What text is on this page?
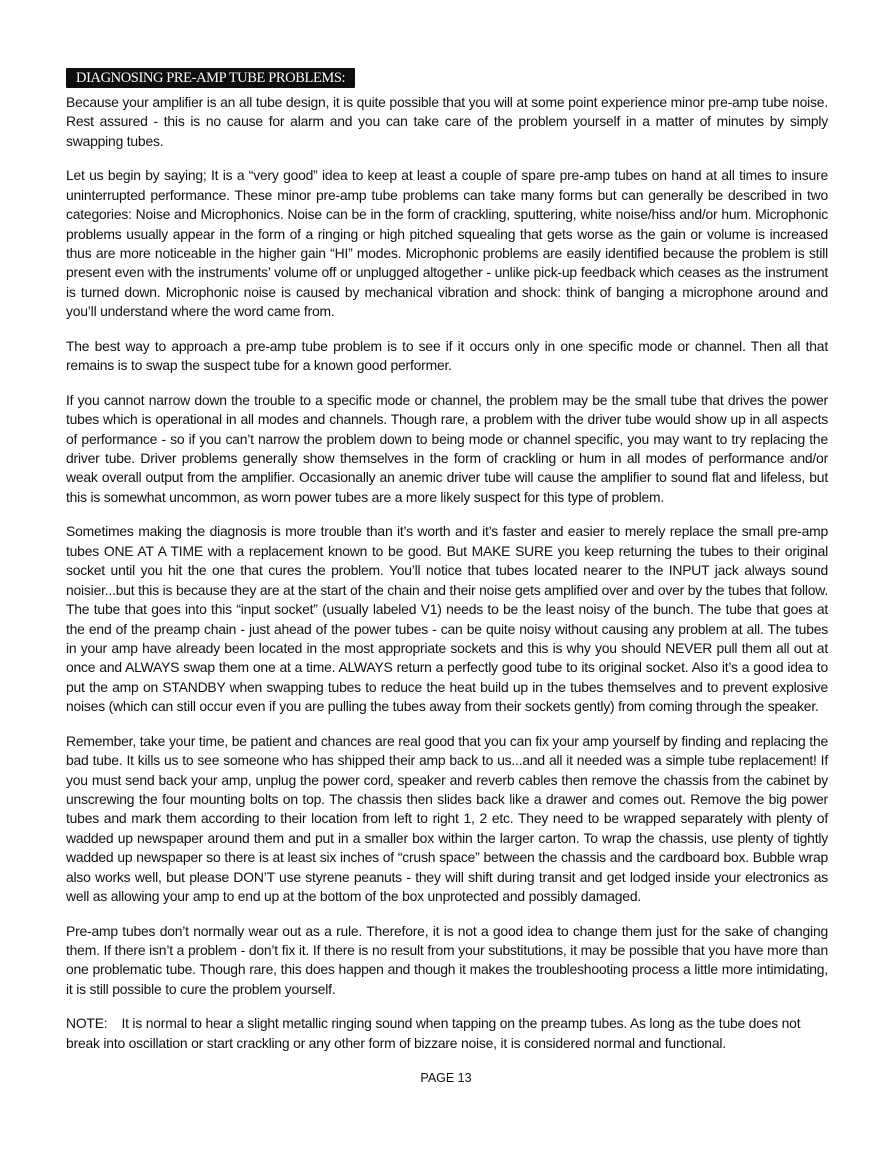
DIAGNOSING PRE-AMP TUBE PROBLEMS:

Because your amplifier is an all tube design, it is quite possible that you will at some point experience minor pre-amp tube noise. Rest assured - this is no cause for alarm and you can take care of the problem yourself in a matter of minutes by simply swapping tubes.

Let us begin by saying; It is a “very good” idea to keep at least a couple of spare pre-amp tubes on hand at all times to insure uninterrupted performance. These minor pre-amp tube problems can take many forms but can generally be described in two categories: Noise and Microphonics. Noise can be in the form of crackling, sputtering, white noise/hiss and/or hum. Microphonic problems usually appear in the form of a ringing or high pitched squealing that gets worse as the gain or volume is increased thus are more noticeable in the higher gain “HI” modes. Microphonic problems are easily identified because the problem is still present even with the instruments’ volume off or unplugged altogether - unlike pick-up feedback which ceases as the instrument is turned down. Microphonic noise is caused by mechanical vibration and shock: think of banging a microphone around and you’ll understand where the word came from.

The best way to approach a pre-amp tube problem is to see if it occurs only in one specific mode or channel. Then all that remains is to swap the suspect tube for a known good performer.

If you cannot narrow down the trouble to a specific mode or channel, the problem may be the small tube that drives the power tubes which is operational in all modes and channels. Though rare, a problem with the driver tube would show up in all aspects of performance - so if you can’t narrow the problem down to being mode or channel specific, you may want to try replacing the driver tube. Driver problems generally show themselves in the form of crackling or hum in all modes of performance and/or weak overall output from the amplifier. Occasionally an anemic driver tube will cause the amplifier to sound flat and lifeless, but this is somewhat uncommon, as worn power tubes are a more likely suspect for this type of problem.

Sometimes making the diagnosis is more trouble than it’s worth and it’s faster and easier to merely replace the small pre-amp tubes ONE AT A TIME with a replacement known to be good. But MAKE SURE you keep returning the tubes to their original socket until you hit the one that cures the problem. You’ll notice that tubes located nearer to the INPUT jack always sound noisier...but this is because they are at the start of the chain and their noise gets amplified over and over by the tubes that follow. The tube that goes into this “input socket” (usually labeled V1) needs to be the least noisy of the bunch. The tube that goes at the end of the preamp chain - just ahead of the power tubes - can be quite noisy without causing any problem at all. The tubes in your amp have already been located in the most appropriate sockets and this is why you should NEVER pull them all out at once and ALWAYS swap them one at a time. ALWAYS return a perfectly good tube to its original socket. Also it’s a good idea to put the amp on STANDBY when swapping tubes to reduce the heat build up in the tubes themselves and to prevent explosive noises (which can still occur even if you are pulling the tubes away from their sockets gently) from coming through the speaker.

Remember, take your time, be patient and chances are real good that you can fix your amp yourself by finding and replacing the bad tube. It kills us to see someone who has shipped their amp back to us...and all it needed was a simple tube replacement! If you must send back your amp, unplug the power cord, speaker and reverb cables then remove the chassis from the cabinet by unscrewing the four mounting bolts on top. The chassis then slides back like a drawer and comes out. Remove the big power tubes and mark them according to their location from left to right 1, 2 etc. They need to be wrapped separately with plenty of wadded up newspaper around them and put in a smaller box within the larger carton. To wrap the chassis, use plenty of tightly wadded up newspaper so there is at least six inches of “crush space” between the chassis and the cardboard box. Bubble wrap also works well, but please DON’T use styrene peanuts - they will shift during transit and get lodged inside your electronics as well as allowing your amp to end up at the bottom of the box unprotected and possibly damaged.

Pre-amp tubes don’t normally wear out as a rule. Therefore, it is not a good idea to change them just for the sake of changing them. If there isn’t a problem - don’t fix it. If there is no result from your substitutions, it may be possible that you have more than one problematic tube. Though rare, this does happen and though it makes the troubleshooting process a little more intimidating, it is still possible to cure the problem yourself.

NOTE: It is normal to hear a slight metallic ringing sound when tapping on the preamp tubes. As long as the tube does not break into oscillation or start crackling or any other form of bizzare noise, it is considered normal and functional.

PAGE 13
